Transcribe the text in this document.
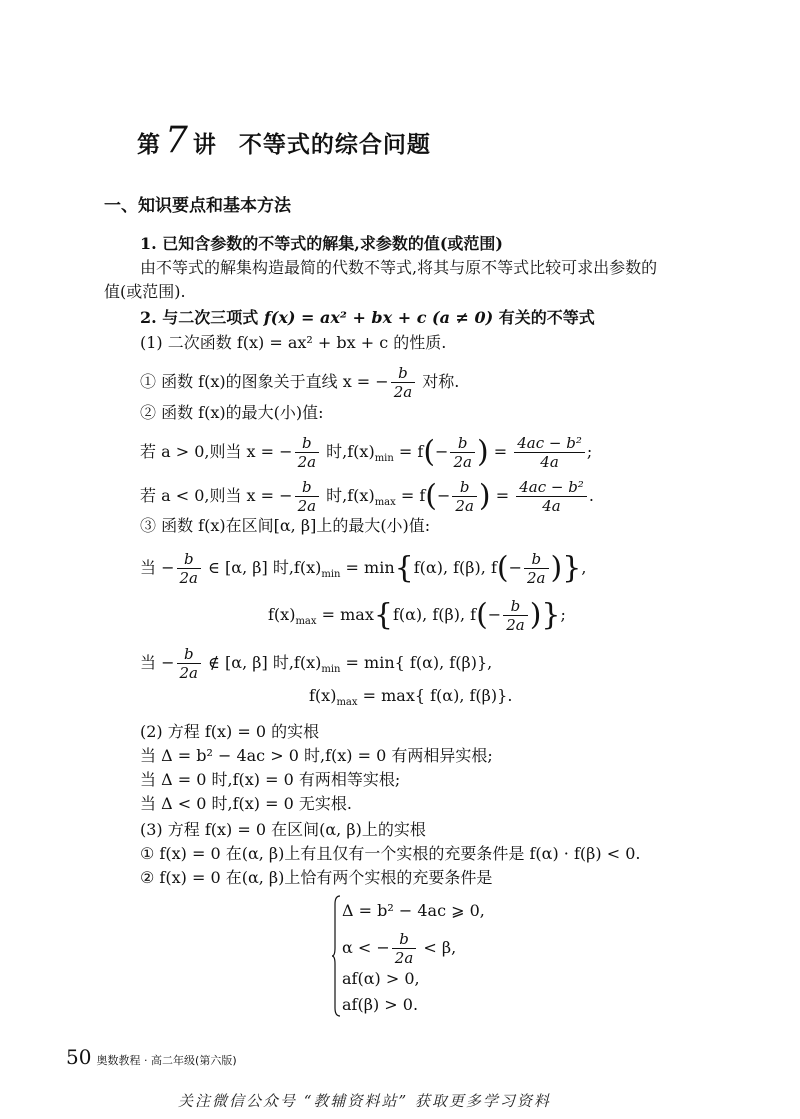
第 7 讲 不等式的综合问题
一、知识要点和基本方法
1. 已知含参数的不等式的解集,求参数的值(或范围)
由不等式的解集构造最简的代数不等式,将其与原不等式比较可求出参数的
值(或范围).
2. 与二次三项式 f(x) = ax² + bx + c (a ≠ 0) 有关的不等式
(1) 二次函数 f(x) = ax² + bx + c 的性质.
① 函数 f(x)的图象关于直线 x = − $\frac{b}{2a}$ 对称.
② 函数 f(x)的最大(小)值:
若 a > 0,则当 x = − $\frac{b}{2a}$ 时$,f(x)_{min} = f(- \frac{b}{2a}$ ) = $\frac{\text{4ac − b²}}{4a}$ ;
若 a < 0,则当 x = − $\frac{b}{2a}$ 时$,f(x)_{max} = f(- \frac{b}{2a}$ ) = $\frac{\text{4ac − b²}}{4a}$ .
③ 函数 f(x)在区间[α, β]上的最大(小)值:
当 − $\frac{b}{2a}$ ∈ [α, β] 时$,f(x)_{min} = \min\{f(\alpha)$, f(β), $f(- \frac{b}{2a}$ )},
$f(x)_{max} = \max\{f(\alpha)$, f(β), $f(- \frac{b}{2a}$ )};
当 − $\frac{b}{2a}$ ∉ [α, β] 时$,f(x)_{min} = \min${ f(α), f(β)},
$f(x)_{max} = \max${ f(α), f(β)}.
(2) 方程 f(x) = 0 的实根
当 Δ = b² − 4ac > 0 时,f(x) = 0 有两相异实根;
当 Δ = 0 时,f(x) = 0 有两相等实根;
当 Δ < 0 时,f(x) = 0 无实根.
(3) 方程 f(x) = 0 在区间(α, β)上的实根
① f(x) = 0 在(α, β)上有且仅有一个实根的充要条件是 f(α) · f(β) < 0.
② f(x) = 0 在(α, β)上恰有两个实根的充要条件是
Δ = b² − 4ac ⩾ 0,
α < − $\frac{b}{2a} < \beta$,
af(α) > 0,
af(β) > 0.
50 奥数教程 · 高二年级(第六版)
关注微信公众号 “教辅资料站” 获取更多学习资料
